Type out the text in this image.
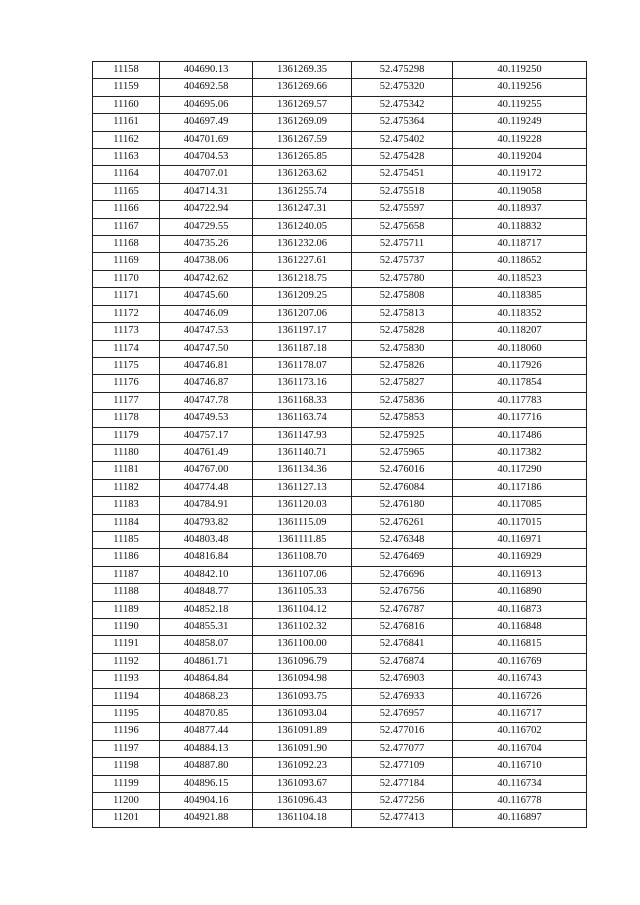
11158	404690.13	1361269.35	52.475298	40.119250
11159	404692.58	1361269.66	52.475320	40.119256
11160	404695.06	1361269.57	52.475342	40.119255
11161	404697.49	1361269.09	52.475364	40.119249
11162	404701.69	1361267.59	52.475402	40.119228
11163	404704.53	1361265.85	52.475428	40.119204
11164	404707.01	1361263.62	52.475451	40.119172
11165	404714.31	1361255.74	52.475518	40.119058
11166	404722.94	1361247.31	52.475597	40.118937
11167	404729.55	1361240.05	52.475658	40.118832
11168	404735.26	1361232.06	52.475711	40.118717
11169	404738.06	1361227.61	52.475737	40.118652
11170	404742.62	1361218.75	52.475780	40.118523
11171	404745.60	1361209.25	52.475808	40.118385
11172	404746.09	1361207.06	52.475813	40.118352
11173	404747.53	1361197.17	52.475828	40.118207
11174	404747.50	1361187.18	52.475830	40.118060
11175	404746.81	1361178.07	52.475826	40.117926
11176	404746.87	1361173.16	52.475827	40.117854
11177	404747.78	1361168.33	52.475836	40.117783
11178	404749.53	1361163.74	52.475853	40.117716
11179	404757.17	1361147.93	52.475925	40.117486
11180	404761.49	1361140.71	52.475965	40.117382
11181	404767.00	1361134.36	52.476016	40.117290
11182	404774.48	1361127.13	52.476084	40.117186
11183	404784.91	1361120.03	52.476180	40.117085
11184	404793.82	1361115.09	52.476261	40.117015
11185	404803.48	1361111.85	52.476348	40.116971
11186	404816.84	1361108.70	52.476469	40.116929
11187	404842.10	1361107.06	52.476696	40.116913
11188	404848.77	1361105.33	52.476756	40.116890
11189	404852.18	1361104.12	52.476787	40.116873
11190	404855.31	1361102.32	52.476816	40.116848
11191	404858.07	1361100.00	52.476841	40.116815
11192	404861.71	1361096.79	52.476874	40.116769
11193	404864.84	1361094.98	52.476903	40.116743
11194	404868.23	1361093.75	52.476933	40.116726
11195	404870.85	1361093.04	52.476957	40.116717
11196	404877.44	1361091.89	52.477016	40.116702
11197	404884.13	1361091.90	52.477077	40.116704
11198	404887.80	1361092.23	52.477109	40.116710
11199	404896.15	1361093.67	52.477184	40.116734
11200	404904.16	1361096.43	52.477256	40.116778
11201	404921.88	1361104.18	52.477413	40.116897
